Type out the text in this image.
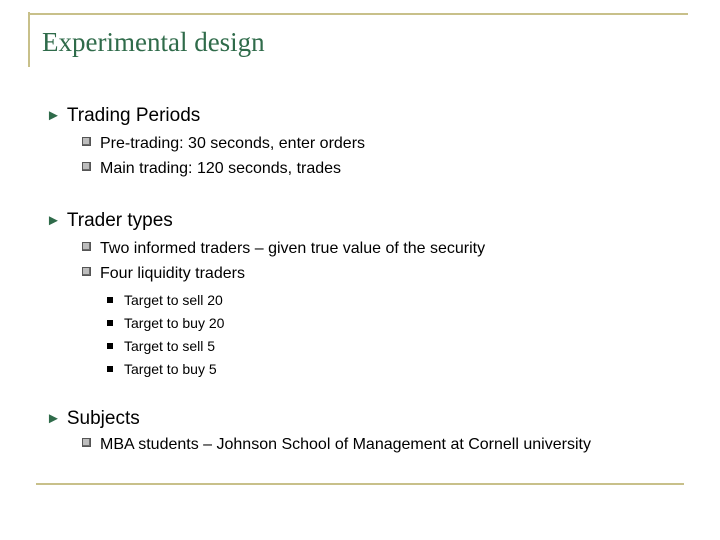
Experimental design
► Trading Periods
Pre-trading: 30 seconds, enter orders
Main trading: 120 seconds, trades
► Trader types
Two informed traders – given true value of the security
Four liquidity traders
Target to sell 20
Target to buy 20
Target to sell 5
Target to buy 5
► Subjects
MBA students – Johnson School of Management at Cornell university
